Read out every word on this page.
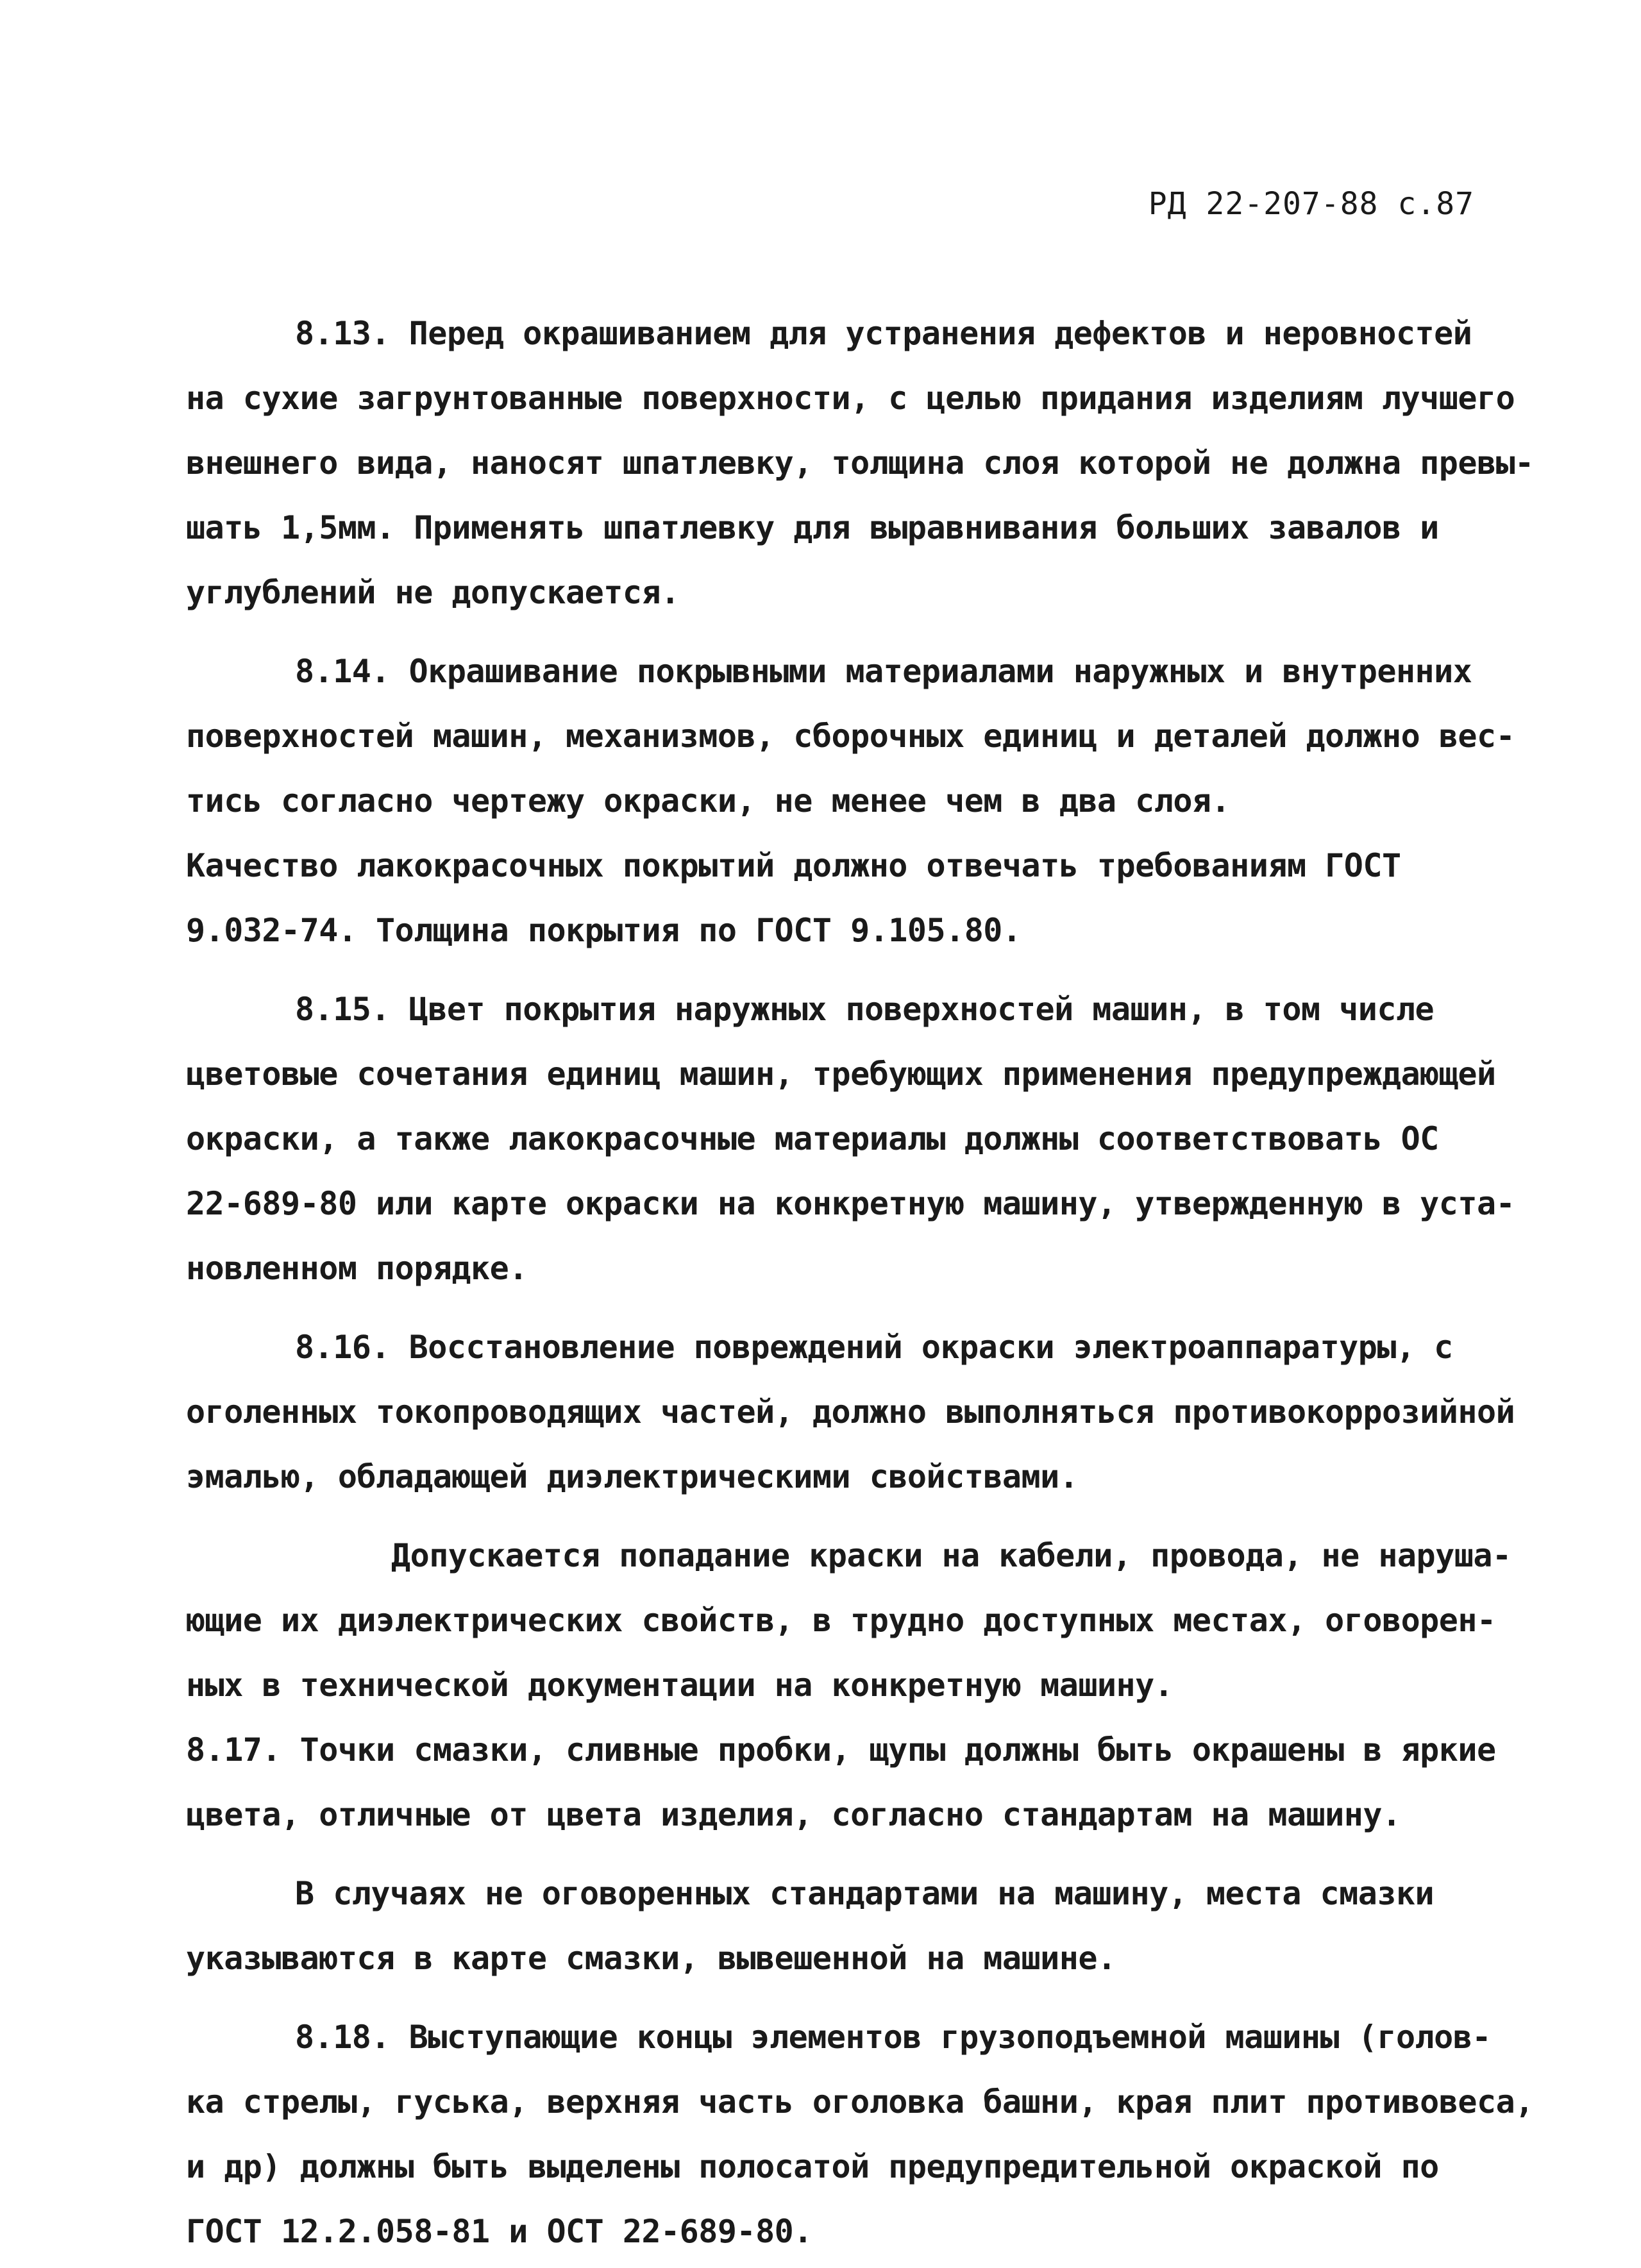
РД 22-207-88 с.87
8.13. Перед окрашиванием для устранения дефектов и неровностей
на сухие загрунтованные поверхности, с целью придания изделиям лучшего
внешнего вида, наносят шпатлевку, толщина слоя которой не должна превы-
шать 1,5мм. Применять шпатлевку для выравнивания больших завалов и
углублений не допускается.
8.14. Окрашивание покрывными материалами наружных и внутренних
поверхностей машин, механизмов, сборочных единиц и деталей должно вес-
тись согласно чертежу окраски, не менее чем в два слоя.
Качество лакокрасочных покрытий должно отвечать требованиям ГОСТ
9.032-74. Толщина покрытия по ГОСТ 9.105.80.
8.15. Цвет покрытия наружных поверхностей машин, в том числе
цветовые сочетания единиц машин, требующих применения предупреждающей
окраски, а также лакокрасочные материалы должны соответствовать ОС
22-689-80 или карте окраски на конкретную машину, утвержденную в уста-
новленном порядке.
8.16. Восстановление повреждений окраски электроаппаратуры, с
оголенных токопроводящих частей, должно выполняться противокоррозийной
эмалью, обладающей диэлектрическими свойствами.
Допускается попадание краски на кабели, провода, не наруша-
ющие их диэлектрических свойств, в трудно доступных местах, оговорен-
ных в технической документации на конкретную машину.
8.17. Точки смазки, сливные пробки, щупы должны быть окрашены в яркие
цвета, отличные от цвета изделия, согласно стандартам на машину.
В случаях не оговоренных стандартами на машину, места смазки
указываются в карте смазки, вывешенной на машине.
8.18. Выступающие концы элементов грузоподъемной машины (голов-
ка стрелы, гуська, верхняя часть оголовка башни, края плит противовеса,
и др) должны быть выделены полосатой предупредительной окраской по
ГОСТ 12.2.058-81 и ОСТ 22-689-80.
